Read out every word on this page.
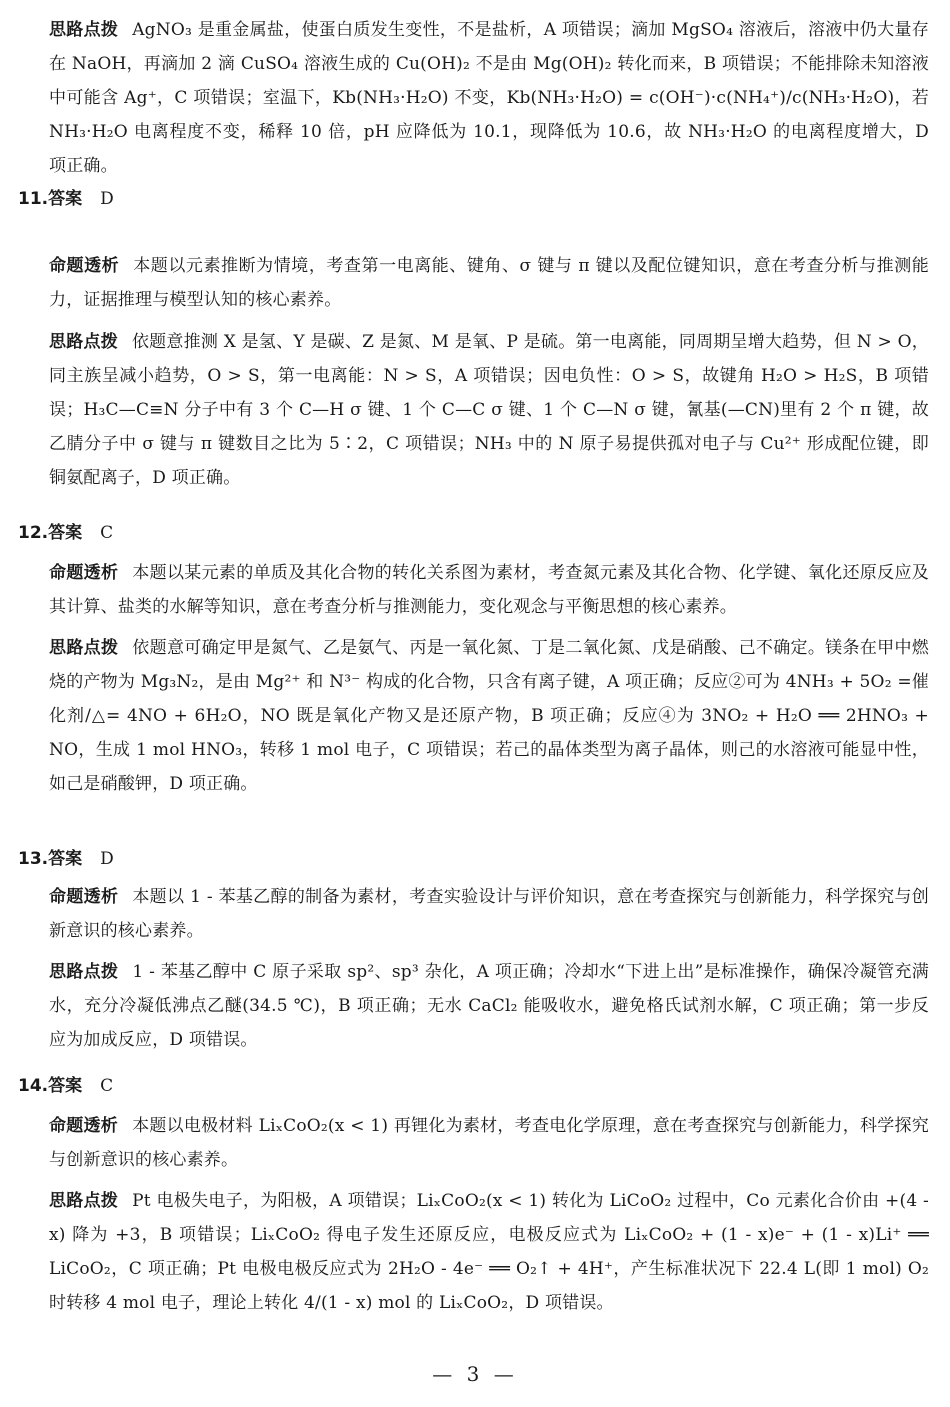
思路点拨 AgNO₃ 是重金属盐，使蛋白质发生变性，不是盐析，A 项错误；滴加 MgSO₄ 溶液后，溶液中仍大量存在 NaOH，再滴加 2 滴 CuSO₄ 溶液生成的 Cu(OH)₂ 不是由 Mg(OH)₂ 转化而来，B 项错误；不能排除未知溶液中可能含 Ag⁺，C 项错误；室温下，Kb(NH₃·H₂O) 不变，Kb(NH₃·H₂O) = c(OH⁻)·c(NH₄⁺)/c(NH₃·H₂O)，若 NH₃·H₂O 电离程度不变，稀释 10 倍，pH 应降低为 10.1，现降低为 10.6，故 NH₃·H₂O 的电离程度增大，D 项正确。
11.答案 D
命题透析 本题以元素推断为情境，考查第一电离能、键角、σ 键与 π 键以及配位键知识，意在考查分析与推测能力，证据推理与模型认知的核心素养。
思路点拨 依题意推测 X 是氢、Y 是碳、Z 是氮、M 是氧、P 是硫。第一电离能，同周期呈增大趋势，但 N > O，同主族呈减小趋势，O > S，第一电离能：N > S，A 项错误；因电负性：O > S，故键角 H₂O > H₂S，B 项错误；H₃C—C≡N 分子中有 3 个 C—H σ 键、1 个 C—C σ 键、1 个 C—N σ 键，氰基(—CN)里有 2 个 π 键，故乙腈分子中 σ 键与 π 键数目之比为 5∶2，C 项错误；NH₃ 中的 N 原子易提供孤对电子与 Cu²⁺ 形成配位键，即铜氨配离子，D 项正确。
12.答案 C
命题透析 本题以某元素的单质及其化合物的转化关系图为素材，考查氮元素及其化合物、化学键、氧化还原反应及其计算、盐类的水解等知识，意在考查分析与推测能力，变化观念与平衡思想的核心素养。
思路点拨 依题意可确定甲是氮气、乙是氨气、丙是一氧化氮、丁是二氧化氮、戊是硝酸、己不确定。镁条在甲中燃烧的产物为 Mg₃N₂，是由 Mg²⁺ 和 N³⁻ 构成的化合物，只含有离子键，A 项正确；反应②可为 4NH₃ + 5O₂ =催化剂/△= 4NO + 6H₂O，NO 既是氧化产物又是还原产物，B 项正确；反应④为 3NO₂ + H₂O ══ 2HNO₃ + NO，生成 1 mol HNO₃，转移 1 mol 电子，C 项错误；若己的晶体类型为离子晶体，则己的水溶液可能显中性，如己是硝酸钾，D 项正确。
13.答案 D
命题透析 本题以 1 - 苯基乙醇的制备为素材，考查实验设计与评价知识，意在考查探究与创新能力，科学探究与创新意识的核心素养。
思路点拨 1 - 苯基乙醇中 C 原子采取 sp²、sp³ 杂化，A 项正确；冷却水“下进上出”是标准操作，确保冷凝管充满水，充分冷凝低沸点乙醚(34.5 ℃)，B 项正确；无水 CaCl₂ 能吸收水，避免格氏试剂水解，C 项正确；第一步反应为加成反应，D 项错误。
14.答案 C
命题透析 本题以电极材料 LiₓCoO₂(x < 1) 再锂化为素材，考查电化学原理，意在考查探究与创新能力，科学探究与创新意识的核心素养。
思路点拨 Pt 电极失电子，为阳极，A 项错误；LiₓCoO₂(x < 1) 转化为 LiCoO₂ 过程中，Co 元素化合价由 +(4 - x) 降为 +3，B 项错误；LiₓCoO₂ 得电子发生还原反应，电极反应式为 LiₓCoO₂ + (1 - x)e⁻ + (1 - x)Li⁺ ══ LiCoO₂，C 项正确；Pt 电极电极反应式为 2H₂O - 4e⁻ ══ O₂↑ + 4H⁺，产生标准状况下 22.4 L(即 1 mol) O₂ 时转移 4 mol 电子，理论上转化 4/(1 - x) mol 的 LiₓCoO₂，D 项错误。
— 3 —
